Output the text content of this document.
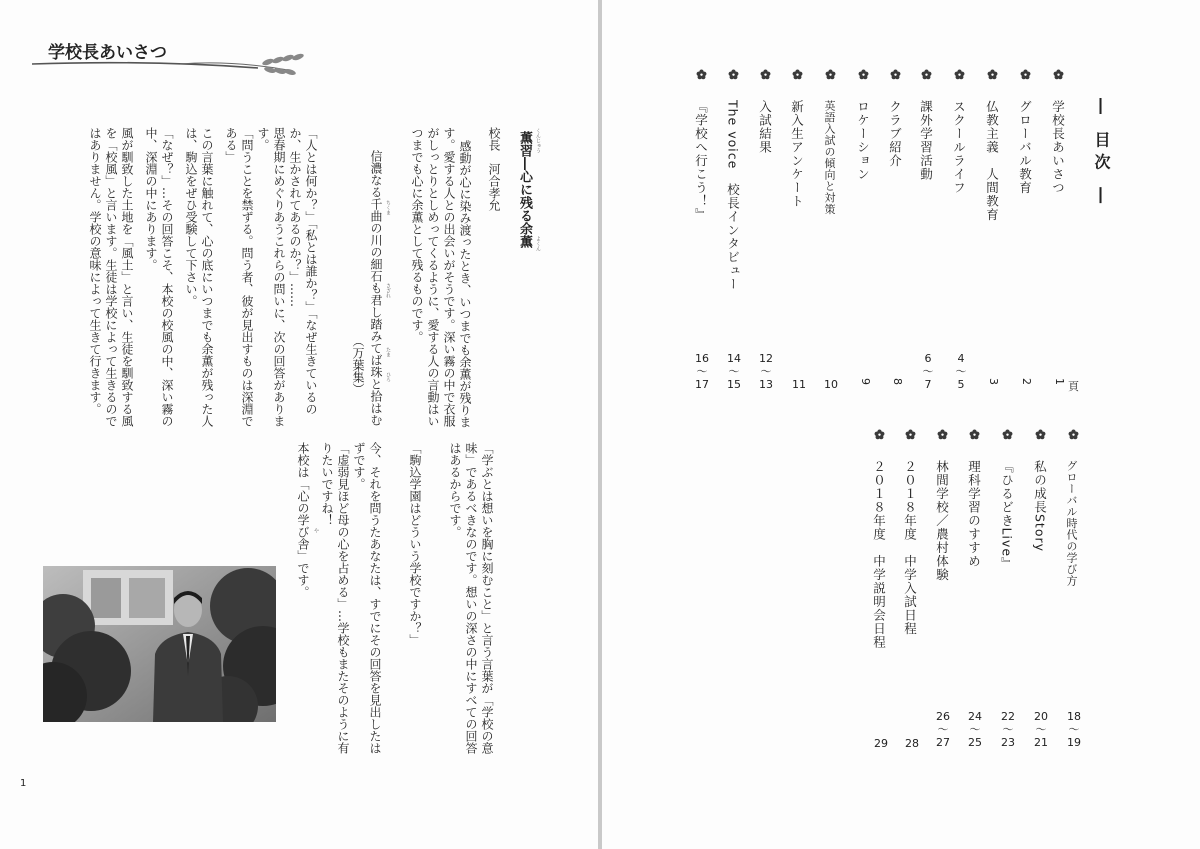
学校長あいさつ
校長　河合孝允 薫習―心に残る余薫 くんじゅう
よくん
感動が心に染み渡ったとき、いつまでも余薫が残りま
す。愛する人との出会いがそうです。深い霧の中で衣服
がしっとりとしめってくるように、愛する人の言動はい
つまでも心に余薫として残るものです。
信濃なる千曲の川の細石も君し踏みてば珠と拾はむ ちくま
さざれ
たま
ひろ
（万葉集）
「人とは何か？」「私とは誰か？」「なぜ生きているの
か、生かされてあるのか？」……
思春期にめぐりあうこれらの問いに、次の回答がありま
す。
「問うことを禁ずる。問う者、彼が見出すものは深淵で
ある」
この言葉に触れて、心の底にいつまでも余薫が残った人
は、駒込をぜひ受験して下さい。
「なぜ？」…その回答こそ、本校の校風の中、深い霧の
中、深淵の中にあります。
風が馴致した土地を「風土」と言い、生徒を馴致する風
を「校風」と言います。生徒は学校によって生きるので
はありません。学校の意味によって生きて行きます。
「学ぶとは想いを胸に刻むこと」と言う言葉が「学校の意
味」であるべきなのです。想いの深さの中にすべての回答
はあるからです。
「駒込学園はどういう学校ですか？」
今、それを問うたあなたは、すでにその回答を見出したは
ずです。
「虚弱見ほど母の心を占める」…学校もまたそのように有
りたいですね！
本校は「心の学び舎」です。 や
1
― 目次 ―
学校長あいさつ
グローバル教育
仏教主義　人間教育
スクールライフ
課外学習活動
クラブ紹介
ロケーション
英語入試の傾向と対策
新入生アンケート
入試結果
The voice　校長インタビュー
『学校へ行こう！』
頁
1
2
3
4
〜
5
6
〜
7
8
9
10
11
12
〜
13
14
〜
15
16
〜
17
グローバル時代の学び方
私の成長Story
『ひるどきLive』
理科学習のすすめ
林間学校／農村体験
２０１８年度　中学入試日程
２０１８年度　中学説明会日程
18
〜
19
20
〜
21
22
〜
23
24
〜
25
26
〜
27
28
29
